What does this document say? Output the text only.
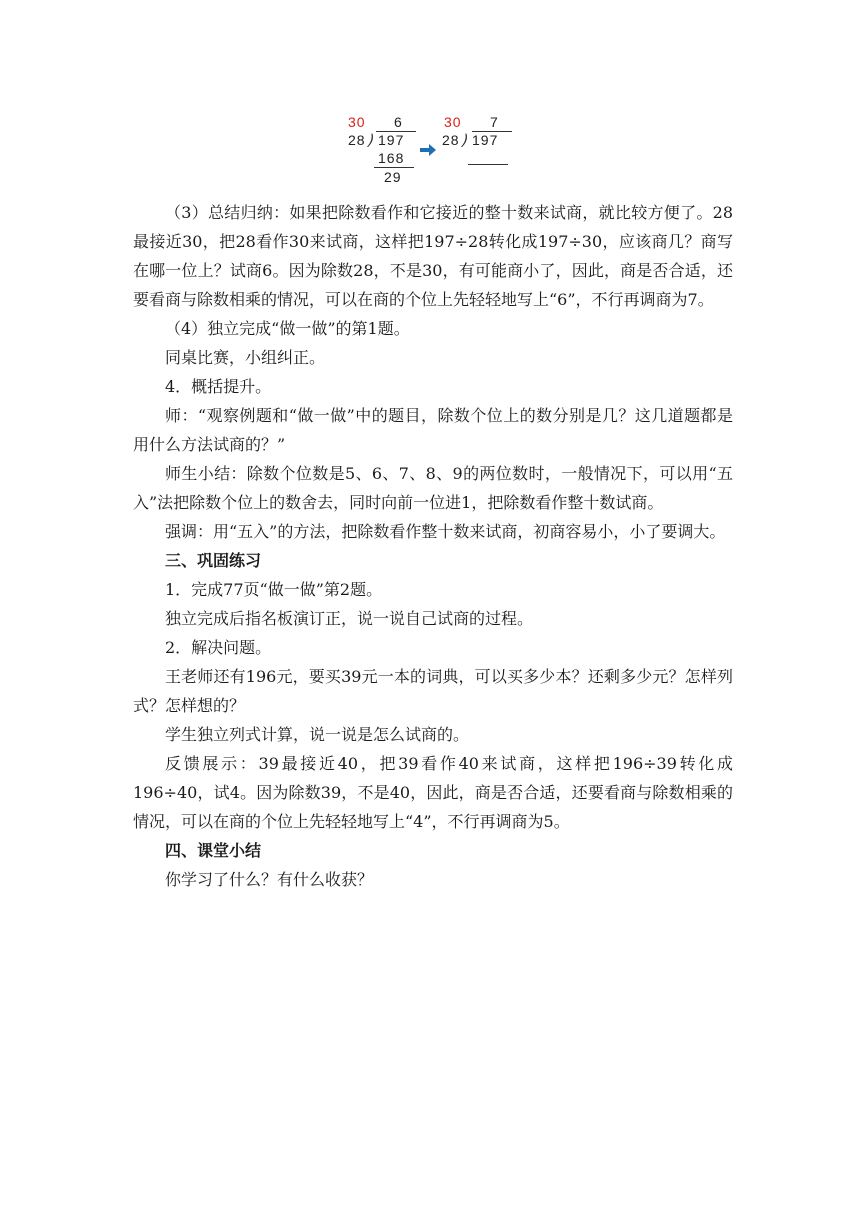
30 6
28 ) 197
168
29
30 7
28 ) 197

（3）总结归纳：如果把除数看作和它接近的整十数来试商，就比较方便了。28最接近30，把28看作30来试商，这样把197÷28转化成197÷30，应该商几？商写在哪一位上？试商6。因为除数28，不是30，有可能商小了，因此，商是否合适，还要看商与除数相乘的情况，可以在商的个位上先轻轻地写上“6”，不行再调商为7。

（4）独立完成“做一做”的第1题。

同桌比赛，小组纠正。

4．概括提升。

师：“观察例题和“做一做”中的题目，除数个位上的数分别是几？这几道题都是用什么方法试商的？”

师生小结：除数个位数是5、6、7、8、9的两位数时，一般情况下，可以用“五入”法把除数个位上的数舍去，同时向前一位进1，把除数看作整十数试商。

强调：用“五入”的方法，把除数看作整十数来试商，初商容易小，小了要调大。

三、巩固练习

1．完成77页“做一做”第2题。

独立完成后指名板演订正，说一说自己试商的过程。

2．解决问题。

王老师还有196元，要买39元一本的词典，可以买多少本？还剩多少元？怎样列式？怎样想的？

学生独立列式计算，说一说是怎么试商的。

反馈展示：39最接近40，把39看作40来试商，这样把196÷39转化成196÷40，试4。因为除数39，不是40，因此，商是否合适，还要看商与除数相乘的情况，可以在商的个位上先轻轻地写上“4”，不行再调商为5。

四、课堂小结

你学习了什么？有什么收获？
